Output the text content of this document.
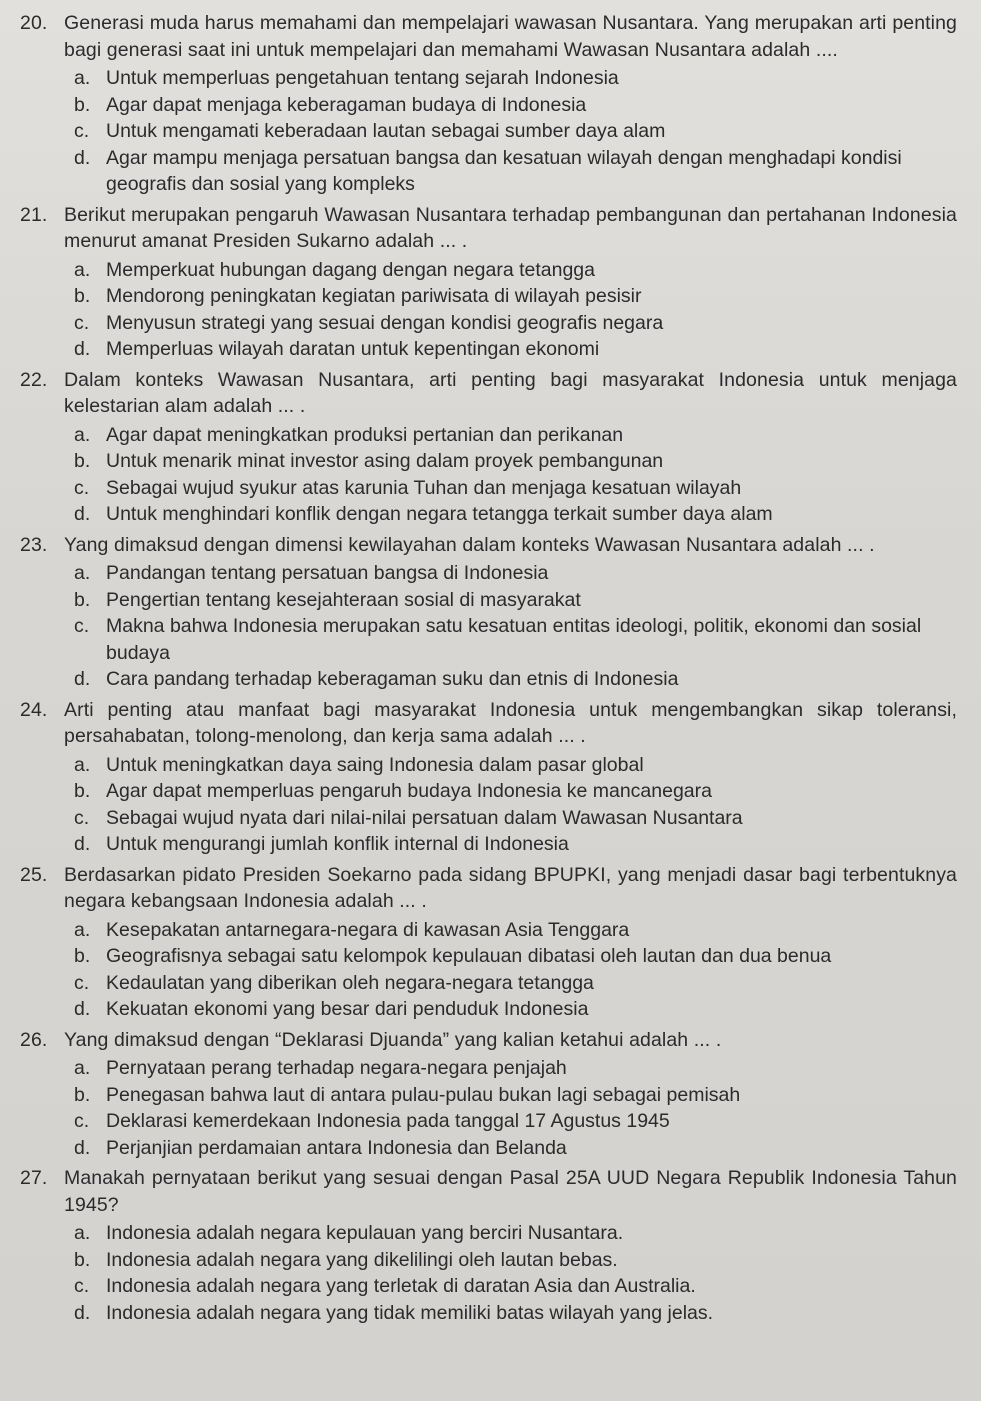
20. Generasi muda harus memahami dan mempelajari wawasan Nusantara. Yang merupakan arti penting bagi generasi saat ini untuk mempelajari dan memahami Wawasan Nusantara adalah ....
a. Untuk memperluas pengetahuan tentang sejarah Indonesia
b. Agar dapat menjaga keberagaman budaya di Indonesia
c. Untuk mengamati keberadaan lautan sebagai sumber daya alam
d. Agar mampu menjaga persatuan bangsa dan kesatuan wilayah dengan menghadapi kondisi geografis dan sosial yang kompleks
21. Berikut merupakan pengaruh Wawasan Nusantara terhadap pembangunan dan pertahanan Indonesia menurut amanat Presiden Sukarno adalah ... .
a. Memperkuat hubungan dagang dengan negara tetangga
b. Mendorong peningkatan kegiatan pariwisata di wilayah pesisir
c. Menyusun strategi yang sesuai dengan kondisi geografis negara
d. Memperluas wilayah daratan untuk kepentingan ekonomi
22. Dalam konteks Wawasan Nusantara, arti penting bagi masyarakat Indonesia untuk menjaga kelestarian alam adalah ... .
a. Agar dapat meningkatkan produksi pertanian dan perikanan
b. Untuk menarik minat investor asing dalam proyek pembangunan
c. Sebagai wujud syukur atas karunia Tuhan dan menjaga kesatuan wilayah
d. Untuk menghindari konflik dengan negara tetangga terkait sumber daya alam
23. Yang dimaksud dengan dimensi kewilayahan dalam konteks Wawasan Nusantara adalah ... .
a. Pandangan tentang persatuan bangsa di Indonesia
b. Pengertian tentang kesejahteraan sosial di masyarakat
c. Makna bahwa Indonesia merupakan satu kesatuan entitas ideologi, politik, ekonomi dan sosial budaya
d. Cara pandang terhadap keberagaman suku dan etnis di Indonesia
24. Arti penting atau manfaat bagi masyarakat Indonesia untuk mengembangkan sikap toleransi, persahabatan, tolong-menolong, dan kerja sama adalah ... .
a. Untuk meningkatkan daya saing Indonesia dalam pasar global
b. Agar dapat memperluas pengaruh budaya Indonesia ke mancanegara
c. Sebagai wujud nyata dari nilai-nilai persatuan dalam Wawasan Nusantara
d. Untuk mengurangi jumlah konflik internal di Indonesia
25. Berdasarkan pidato Presiden Soekarno pada sidang BPUPKI, yang menjadi dasar bagi terbentuknya negara kebangsaan Indonesia adalah ... .
a. Kesepakatan antarnegara-negara di kawasan Asia Tenggara
b. Geografisnya sebagai satu kelompok kepulauan dibatasi oleh lautan dan dua benua
c. Kedaulatan yang diberikan oleh negara-negara tetangga
d. Kekuatan ekonomi yang besar dari penduduk Indonesia
26. Yang dimaksud dengan “Deklarasi Djuanda” yang kalian ketahui adalah ... .
a. Pernyataan perang terhadap negara-negara penjajah
b. Penegasan bahwa laut di antara pulau-pulau bukan lagi sebagai pemisah
c. Deklarasi kemerdekaan Indonesia pada tanggal 17 Agustus 1945
d. Perjanjian perdamaian antara Indonesia dan Belanda
27. Manakah pernyataan berikut yang sesuai dengan Pasal 25A UUD Negara Republik Indonesia Tahun 1945?
a. Indonesia adalah negara kepulauan yang berciri Nusantara.
b. Indonesia adalah negara yang dikelilingi oleh lautan bebas.
c. Indonesia adalah negara yang terletak di daratan Asia dan Australia.
d. Indonesia adalah negara yang tidak memiliki batas wilayah yang jelas.
